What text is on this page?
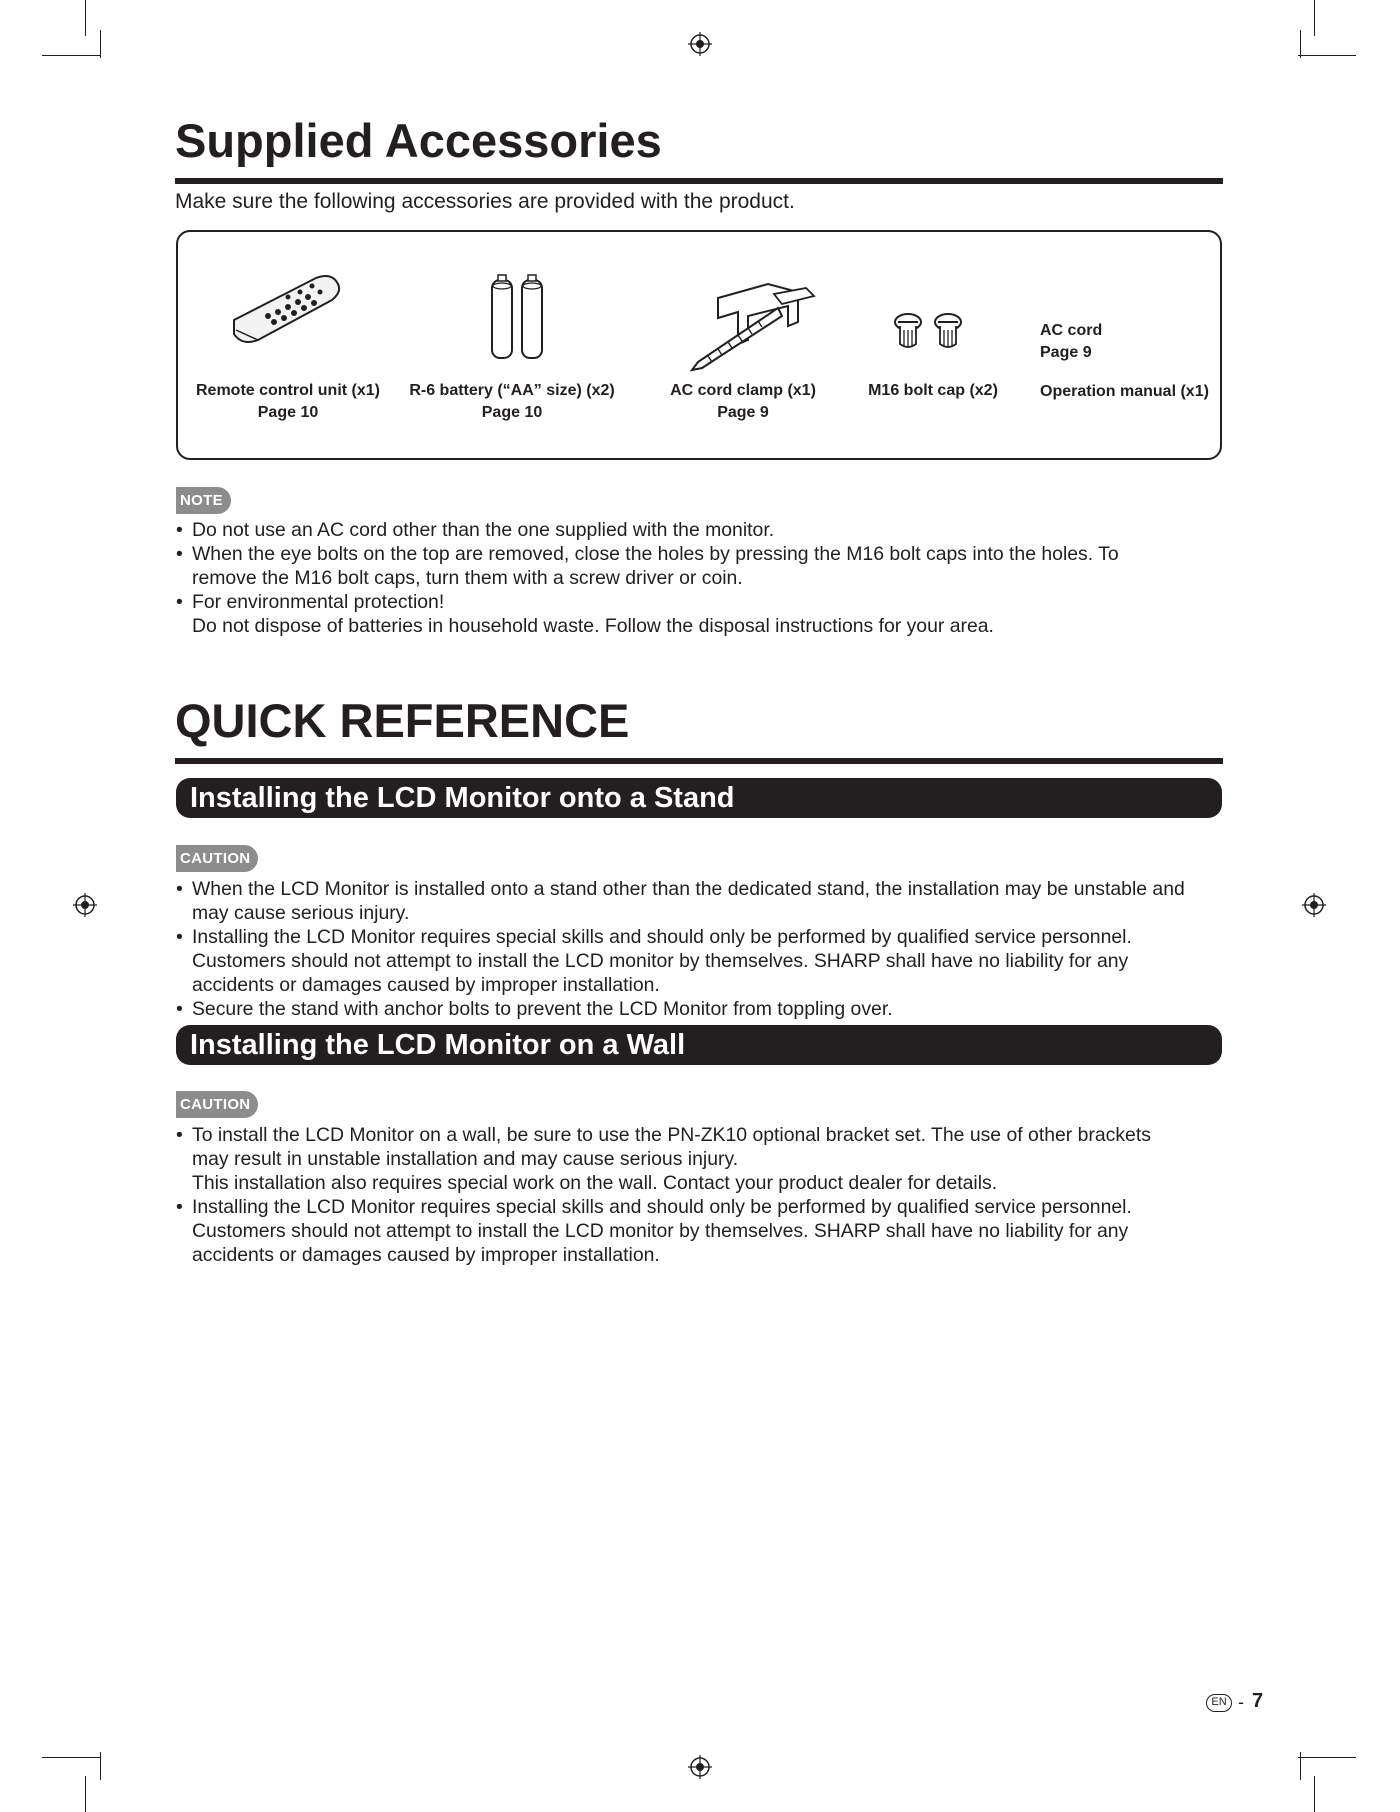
Supplied Accessories
Make sure the following accessories are provided with the product.
Remote control unit (x1)
Page 10
R-6 battery (“AA” size) (x2)
Page 10
AC cord clamp (x1)
Page 9
M16 bolt cap (x2)
AC cord
Page 9
Operation manual (x1)
NOTE
• Do not use an AC cord other than the one supplied with the monitor.
• When the eye bolts on the top are removed, close the holes by pressing the M16 bolt caps into the holes. To
remove the M16 bolt caps, turn them with a screw driver or coin.
• For environmental protection!
Do not dispose of batteries in household waste. Follow the disposal instructions for your area.
QUICK REFERENCE
Installing the LCD Monitor onto a Stand
CAUTION
• When the LCD Monitor is installed onto a stand other than the dedicated stand, the installation may be unstable and
may cause serious injury.
• Installing the LCD Monitor requires special skills and should only be performed by qualified service personnel.
Customers should not attempt to install the LCD monitor by themselves. SHARP shall have no liability for any
accidents or damages caused by improper installation.
• Secure the stand with anchor bolts to prevent the LCD Monitor from toppling over.
Installing the LCD Monitor on a Wall
CAUTION
• To install the LCD Monitor on a wall, be sure to use the PN-ZK10 optional bracket set. The use of other brackets
may result in unstable installation and may cause serious injury.
This installation also requires special work on the wall. Contact your product dealer for details.
• Installing the LCD Monitor requires special skills and should only be performed by qualified service personnel.
Customers should not attempt to install the LCD monitor by themselves. SHARP shall have no liability for any
accidents or damages caused by improper installation.
EN - 7
